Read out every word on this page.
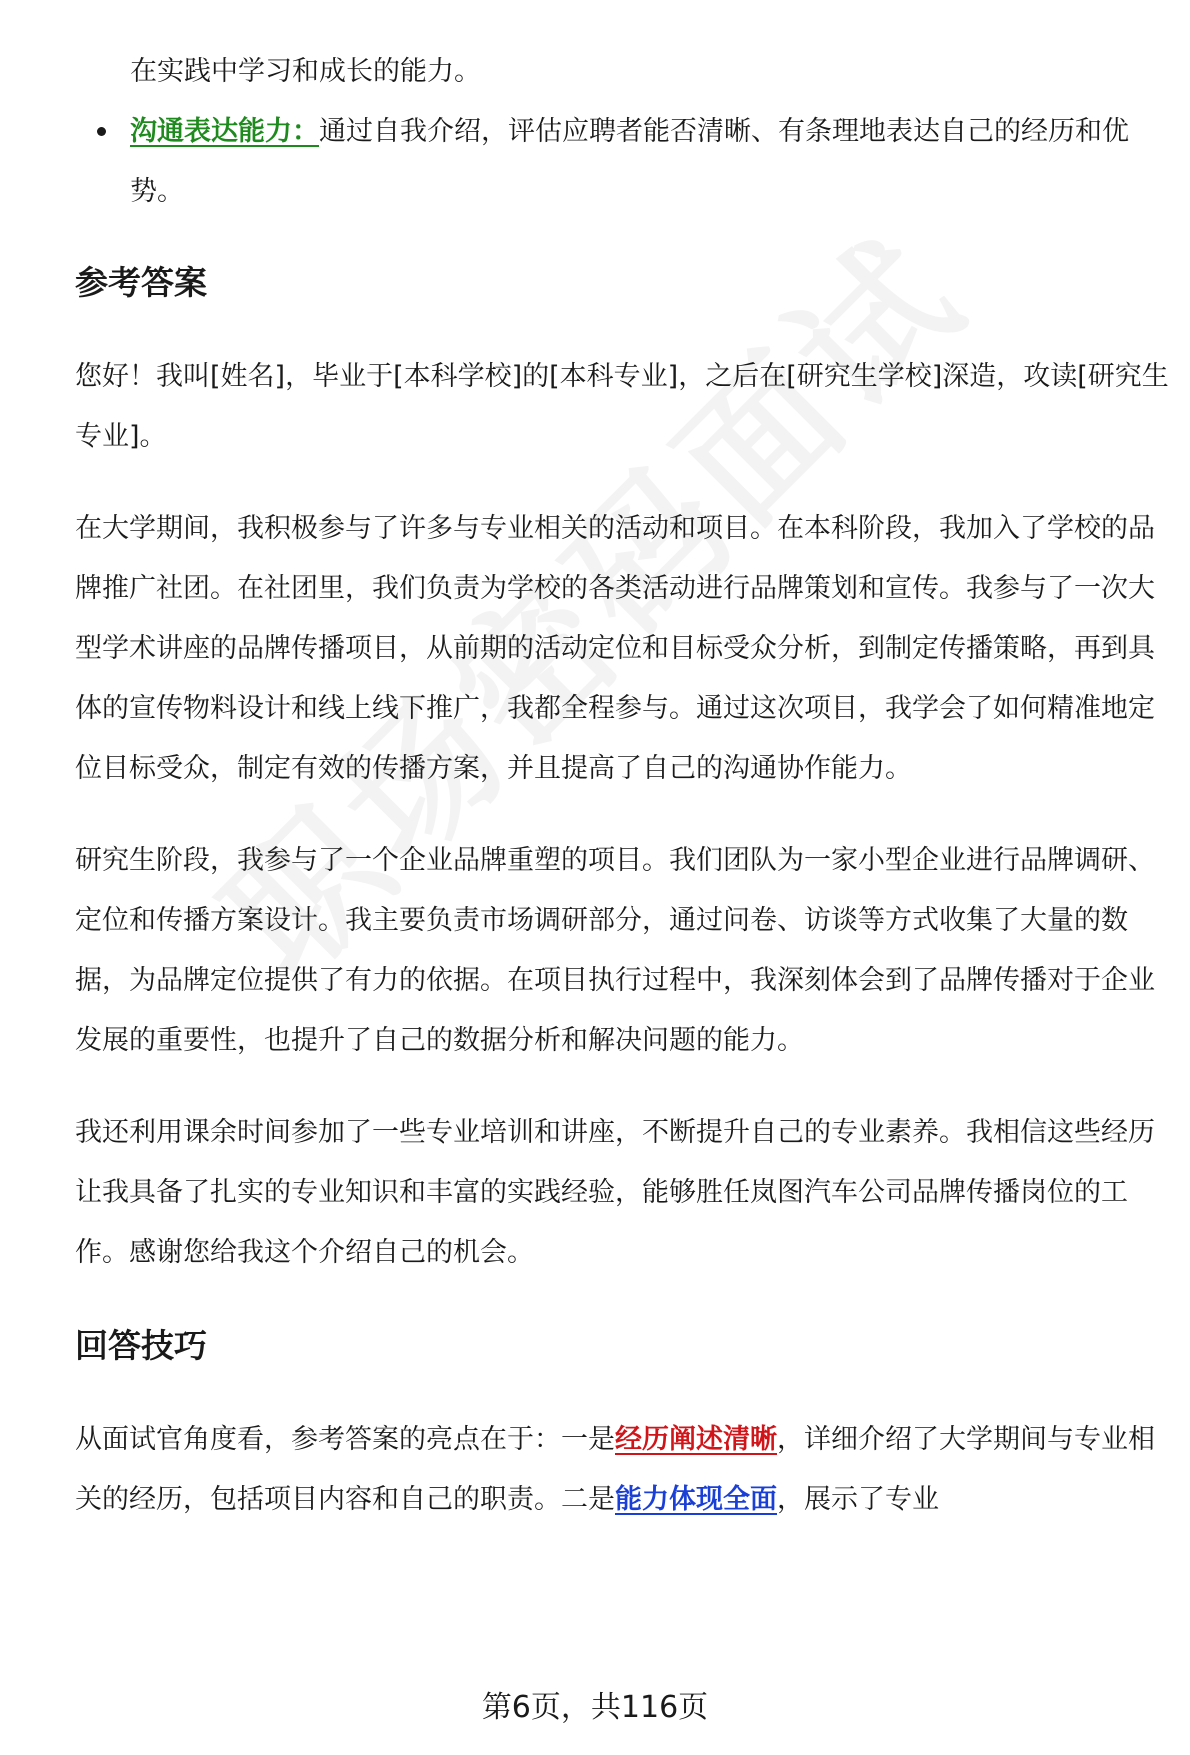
在实践中学习和成长的能力。
沟通表达能力：通过自我介绍，评估应聘者能否清晰、有条理地表达自己的经历和优势。
参考答案

您好！我叫[姓名]，毕业于[本科学校]的[本科专业]，之后在[研究生学校]深造，攻读[研究生专业]。

在大学期间，我积极参与了许多与专业相关的活动和项目。在本科阶段，我加入了学校的品牌推广社团。在社团里，我们负责为学校的各类活动进行品牌策划和宣传。我参与了一次大型学术讲座的品牌传播项目，从前期的活动定位和目标受众分析，到制定传播策略，再到具体的宣传物料设计和线上线下推广，我都全程参与。通过这次项目，我学会了如何精准地定位目标受众，制定有效的传播方案，并且提高了自己的沟通协作能力。

研究生阶段，我参与了一个企业品牌重塑的项目。我们团队为一家小型企业进行品牌调研、定位和传播方案设计。我主要负责市场调研部分，通过问卷、访谈等方式收集了大量的数据，为品牌定位提供了有力的依据。在项目执行过程中，我深刻体会到了品牌传播对于企业发展的重要性，也提升了自己的数据分析和解决问题的能力。

我还利用课余时间参加了一些专业培训和讲座，不断提升自己的专业素养。我相信这些经历让我具备了扎实的专业知识和丰富的实践经验，能够胜任岚图汽车公司品牌传播岗位的工作。感谢您给我这个介绍自己的机会。

回答技巧

从面试官角度看，参考答案的亮点在于：一是经历阐述清晰，详细介绍了大学期间与专业相关的经历，包括项目内容和自己的职责。二是能力体现全面，展示了专业

第6页，共116页
